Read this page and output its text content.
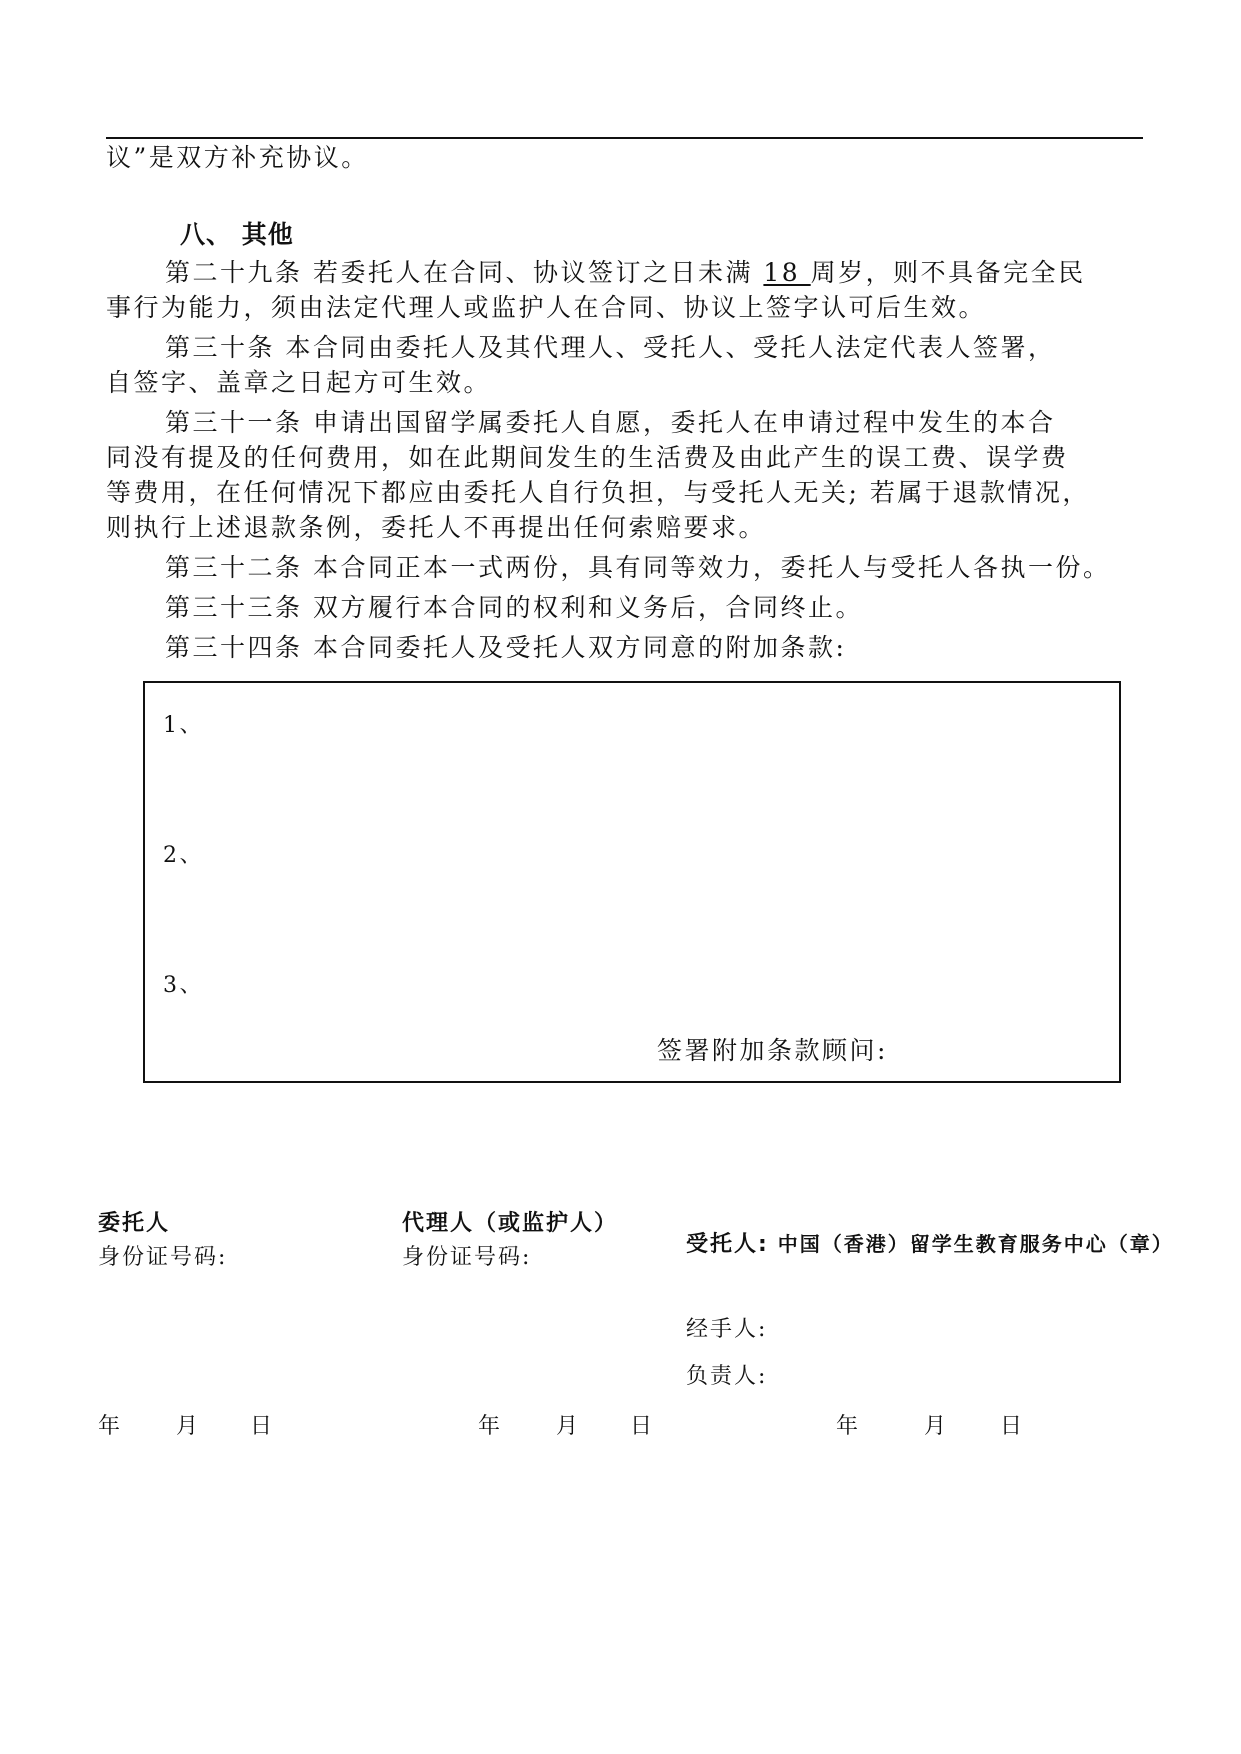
议”是双方补充协议。
八、 其他
第二十九条 若委托人在合同、协议签订之日未满 18 周岁，则不具备完全民
事行为能力，须由法定代理人或监护人在合同、协议上签字认可后生效。
第三十条 本合同由委托人及其代理人、受托人、受托人法定代表人签署，
自签字、盖章之日起方可生效。
第三十一条 申请出国留学属委托人自愿，委托人在申请过程中发生的本合
同没有提及的任何费用，如在此期间发生的生活费及由此产生的误工费、误学费
等费用，在任何情况下都应由委托人自行负担，与受托人无关; 若属于退款情况，
则执行上述退款条例，委托人不再提出任何索赔要求。
第三十二条 本合同正本一式两份，具有同等效力，委托人与受托人各执一份。
第三十三条 双方履行本合同的权利和义务后，合同终止。
第三十四条 本合同委托人及受托人双方同意的附加条款:
1、
2、
3、
签署附加条款顾问:
委托人
身份证号码:
代理人（或监护人）
身份证号码:
受托人: 中国（香港）留学生教育服务中心（章）
经手人:
负责人:
年	月 日	年	月 日	年	月 日
